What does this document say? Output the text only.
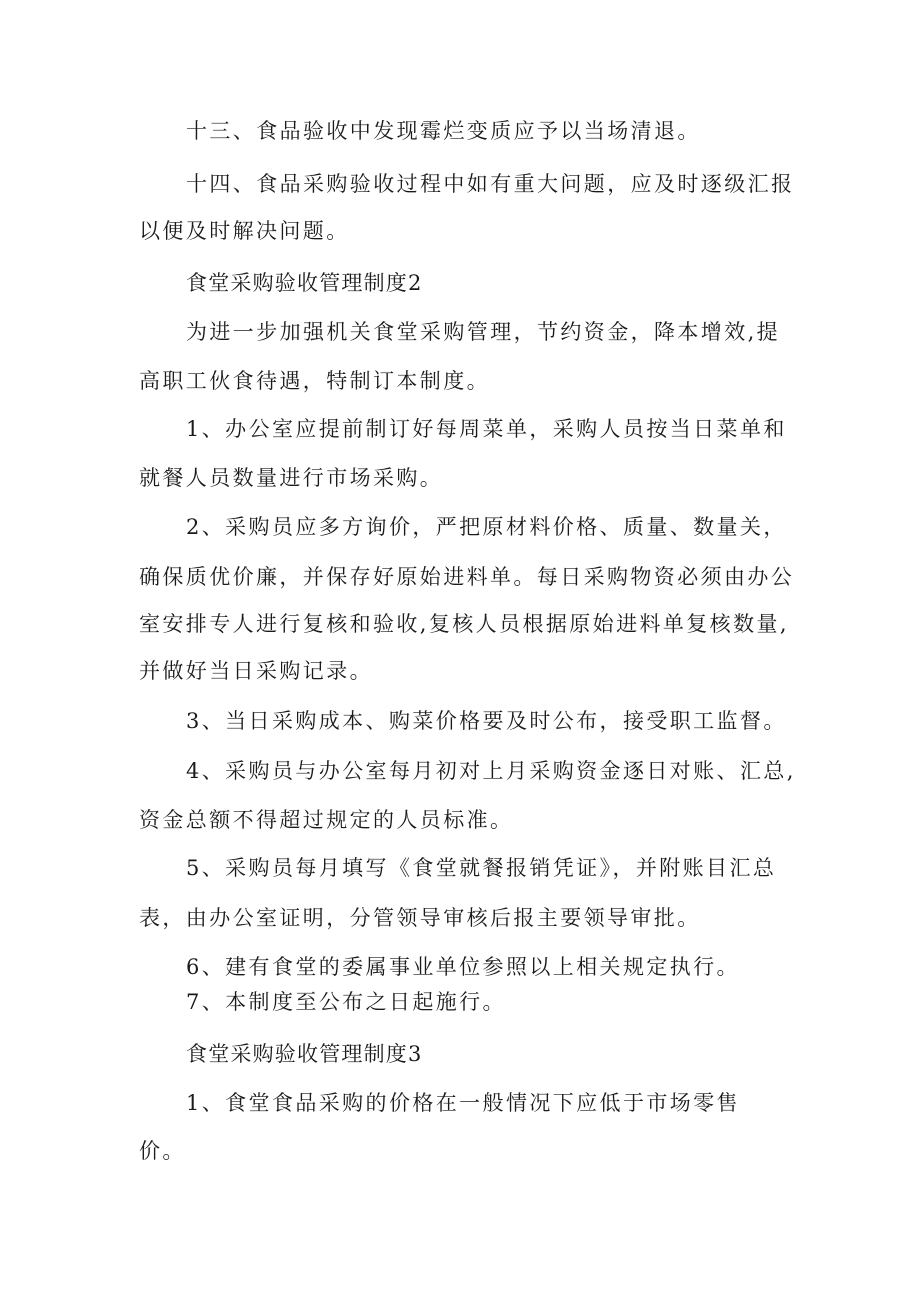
十三、食品验收中发现霉烂变质应予以当场清退。
十四、食品采购验收过程中如有重大问题，应及时逐级汇报
以便及时解决问题。
食堂采购验收管理制度2
为进一步加强机关食堂采购管理，节约资金，降本增效,提
高职工伙食待遇，特制订本制度。
1、办公室应提前制订好每周菜单，采购人员按当日菜单和
就餐人员数量进行市场采购。
2、采购员应多方询价，严把原材料价格、质量、数量关，
确保质优价廉，并保存好原始进料单。每日采购物资必须由办公
室安排专人进行复核和验收,复核人员根据原始进料单复核数量,
并做好当日采购记录。
3、当日采购成本、购菜价格要及时公布，接受职工监督。
4、采购员与办公室每月初对上月采购资金逐日对账、汇总,
资金总额不得超过规定的人员标准。
5、采购员每月填写《食堂就餐报销凭证》，并附账目汇总
表，由办公室证明，分管领导审核后报主要领导审批。
6、建有食堂的委属事业单位参照以上相关规定执行。
7、本制度至公布之日起施行。
食堂采购验收管理制度3
1、食堂食品采购的价格在一般情况下应低于市场零售
价。
